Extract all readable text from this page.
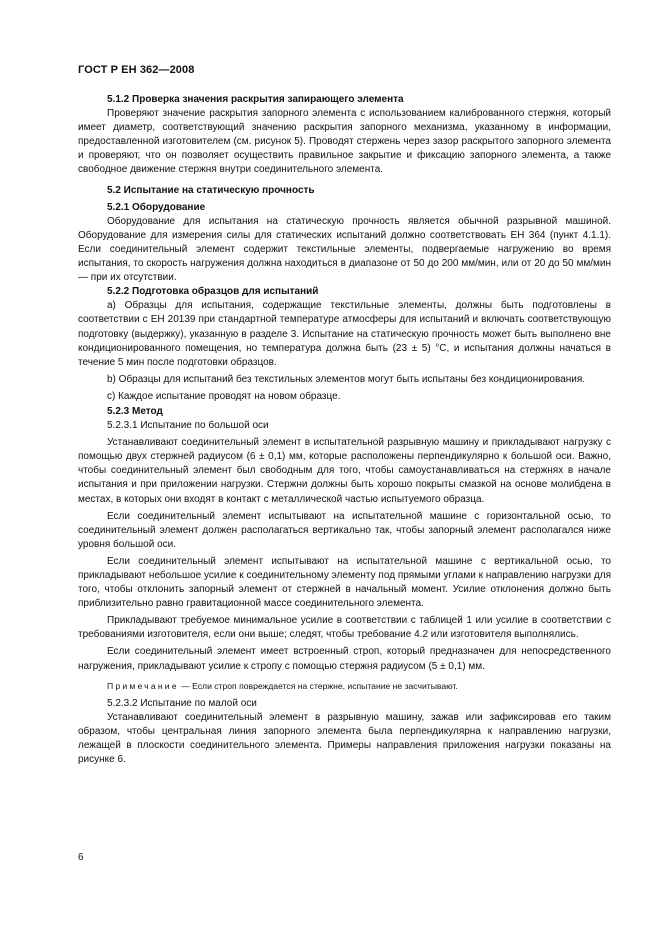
ГОСТ Р ЕН 362—2008

5.1.2 Проверка значения раскрытия запирающего элемента

Проверяют значение раскрытия запорного элемента с использованием калиброванного стержня, который имеет диаметр, соответствующий значению раскрытия запорного механизма, указанному в информации, предоставленной изготовителем (см. рисунок 5). Проводят стержень через зазор раскрытого запорного элемента и проверяют, что он позволяет осуществить правильное закрытие и фиксацию запорного элемента, а также свободное движение стержня внутри соединительного элемента.

5.2 Испытание на статическую прочность

5.2.1 Оборудование

Оборудование для испытания на статическую прочность является обычной разрывной машиной. Оборудование для измерения силы для статических испытаний должно соответствовать ЕН 364 (пункт 4.1.1). Если соединительный элемент содержит текстильные элементы, подвергаемые нагружению во время испытания, то скорость нагружения должна находиться в диапазоне от 50 до 200 мм/мин, или от 20 до 50 мм/мин — при их отсутствии.

5.2.2 Подготовка образцов для испытаний

а) Образцы для испытания, содержащие текстильные элементы, должны быть подготовлены в соответствии с ЕН 20139 при стандартной температуре атмосферы для испытаний и включать соответствующую подготовку (выдержку), указанную в разделе 3. Испытание на статическую прочность может быть выполнено вне кондиционированного помещения, но температура должна быть (23 ± 5) °С, и испытания должны начаться в течение 5 мин после подготовки образцов.

b) Образцы для испытаний без текстильных элементов могут быть испытаны без кондиционирования.

с) Каждое испытание проводят на новом образце.

5.2.3 Метод

5.2.3.1 Испытание по большой оси

Устанавливают соединительный элемент в испытательной разрывную машину и прикладывают нагрузку с помощью двух стержней радиусом (6 ± 0,1) мм, которые расположены перпендикулярно к большой оси. Важно, чтобы соединительный элемент был свободным для того, чтобы самоустанавливаться на стержнях в начале испытания и при приложении нагрузки. Стержни должны быть хорошо покрыты смазкой на основе молибдена в местах, в которых они входят в контакт с металлической частью испытуемого образца.

Если соединительный элемент испытывают на испытательной машине с горизонтальной осью, то соединительный элемент должен располагаться вертикально так, чтобы запорный элемент располагался ниже уровня большой оси.

Если соединительный элемент испытывают на испытательной машине с вертикальной осью, то прикладывают небольшое усилие к соединительному элементу под прямыми углами к направлению нагрузки для того, чтобы отклонить запорный элемент от стержней в начальный момент. Усилие отклонения должно быть приблизительно равно гравитационной массе соединительного элемента.

Прикладывают требуемое минимальное усилие в соответствии с таблицей 1 или усилие в соответствии с требованиями изготовителя, если они выше; следят, чтобы требование 4.2 или изготовителя выполнялись.

Если соединительный элемент имеет встроенный строп, который предназначен для непосредственного нагружения, прикладывают усилие к стропу с помощью стержня радиусом (5 ± 0,1) мм.

Примечание — Если строп повреждается на стержне, испытание не засчитывают.

5.2.3.2 Испытание по малой оси

Устанавливают соединительный элемент в разрывную машину, зажав или зафиксировав его таким образом, чтобы центральная линия запорного элемента была перпендикулярна к направлению нагрузки, лежащей в плоскости соединительного элемента. Примеры направления приложения нагрузки показаны на рисунке 6.

6
